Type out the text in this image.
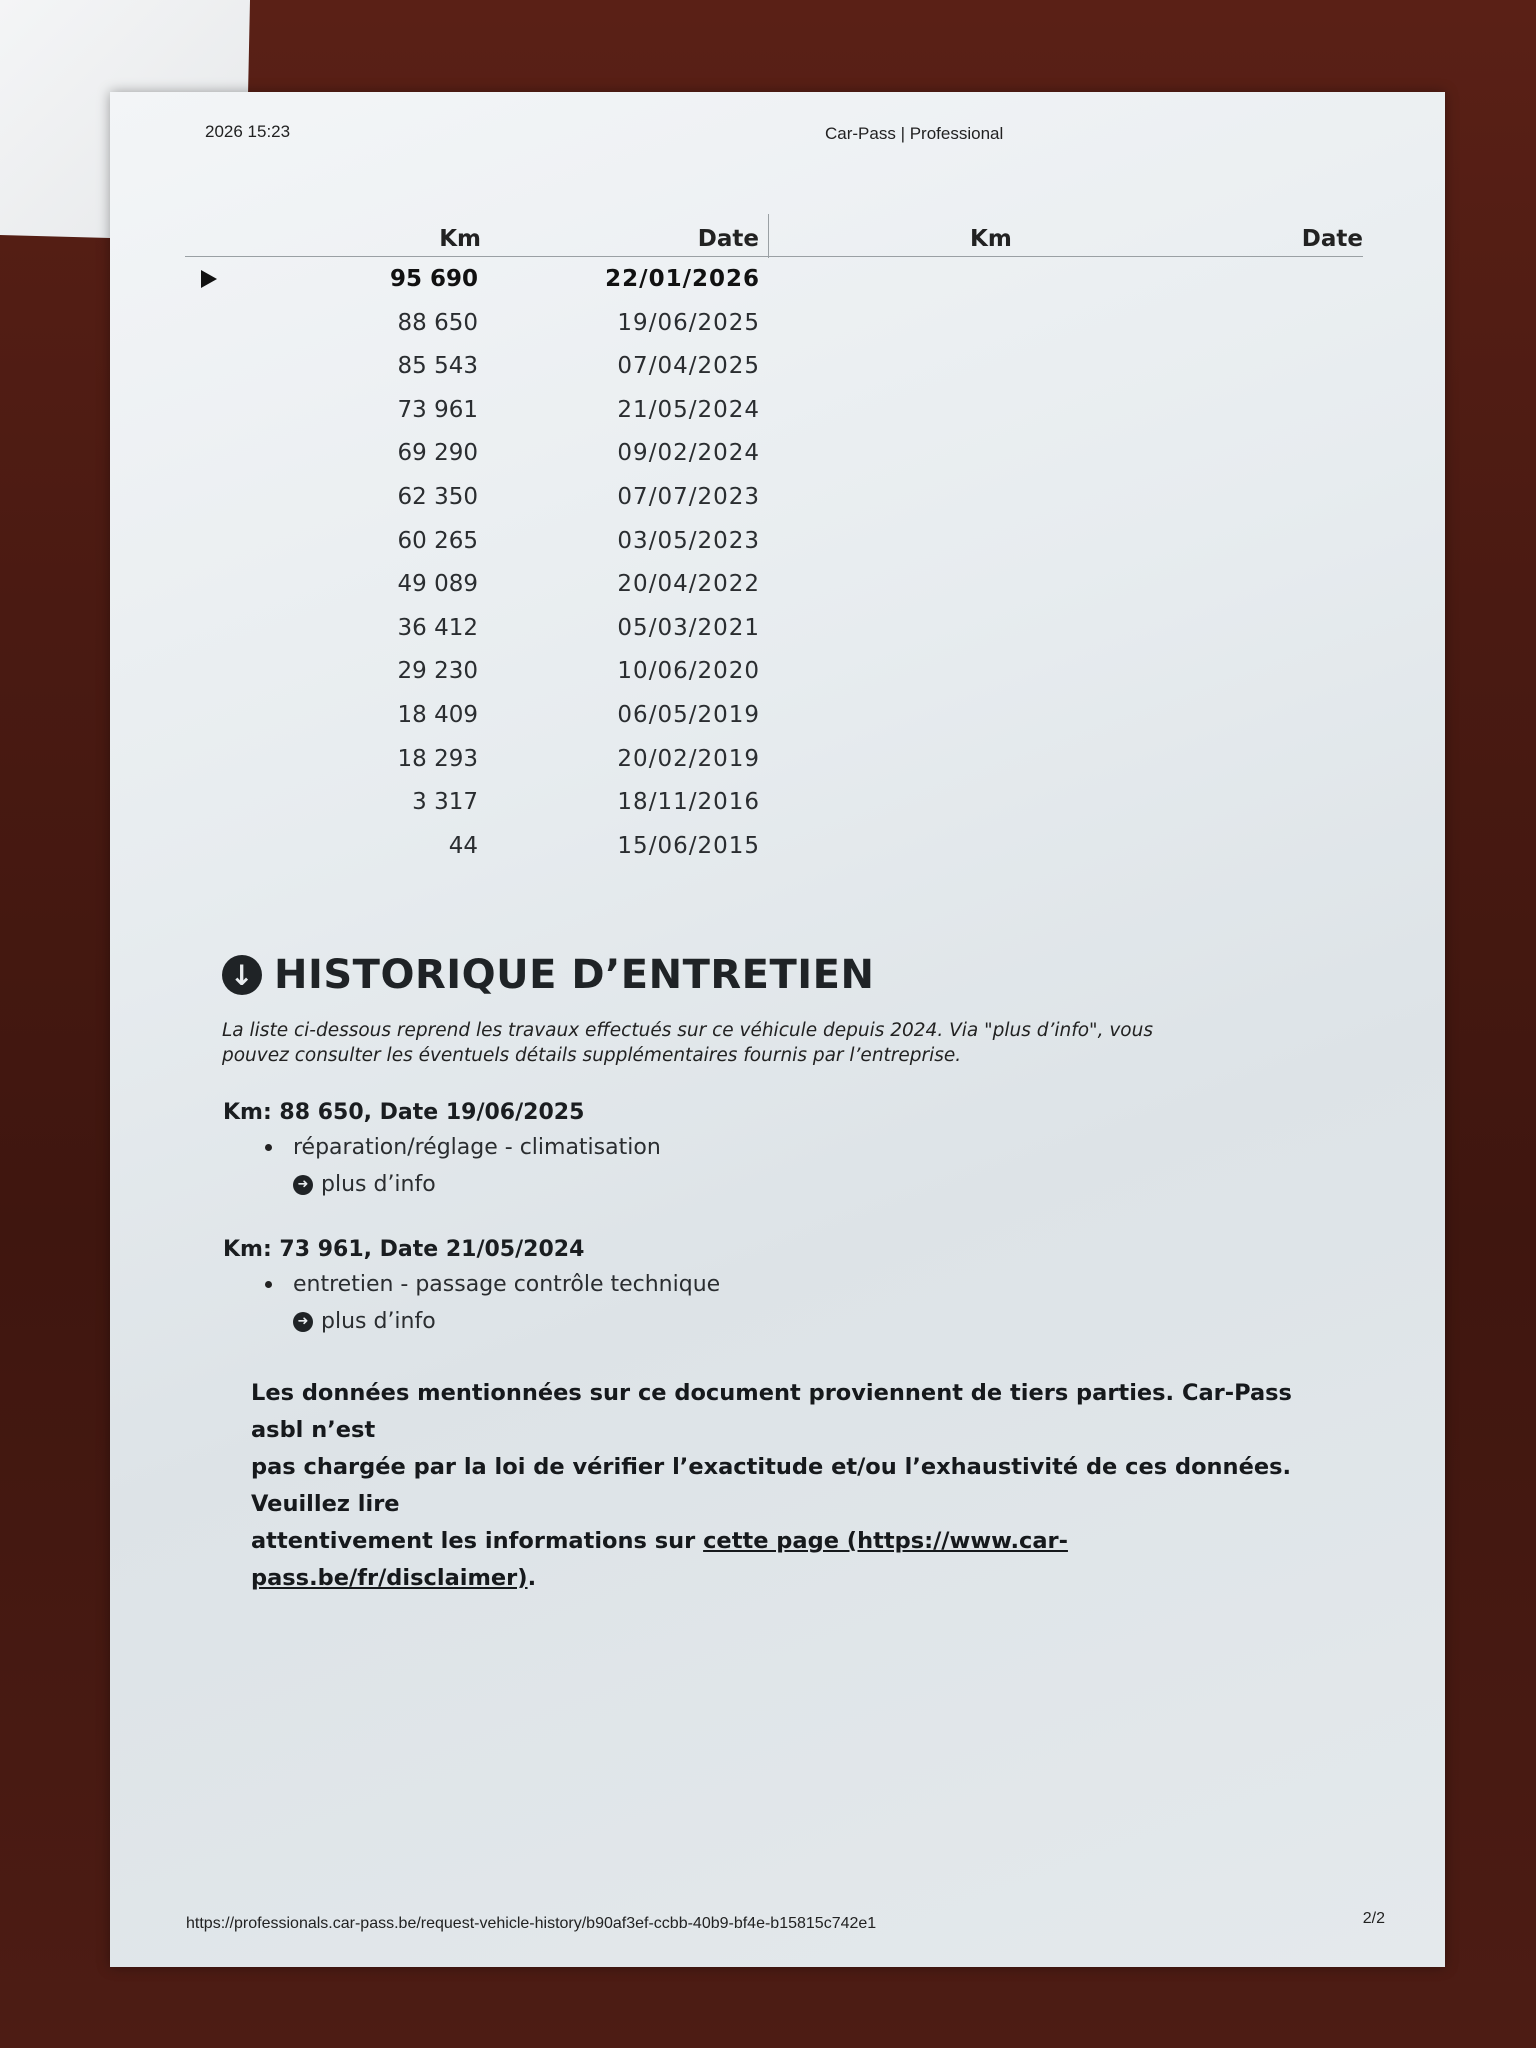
2026 15:23	Car-Pass | Professional
Km	Date	Km	Date
95 690	22/01/2026
88 650	19/06/2025
85 543	07/04/2025
73 961	21/05/2024
69 290	09/02/2024
62 350	07/07/2023
60 265	03/05/2023
49 089	20/04/2022
36 412	05/03/2021
29 230	10/06/2020
18 409	06/05/2019
18 293	20/02/2019
3 317	18/11/2016
44	15/06/2015
↓ HISTORIQUE D’ENTRETIEN
La liste ci-dessous reprend les travaux effectués sur ce véhicule depuis 2024. Via "plus d’info", vous
pouvez consulter les éventuels détails supplémentaires fournis par l’entreprise.
Km: 88 650, Date 19/06/2025
réparation/réglage - climatisation
➜ plus d’info
Km: 73 961, Date 21/05/2024
entretien - passage contrôle technique
➜ plus d’info
Les données mentionnées sur ce document proviennent de tiers parties. Car-Pass asbl n’est
pas chargée par la loi de vérifier l’exactitude et/ou l’exhaustivité de ces données. Veuillez lire
attentivement les informations sur cette page (https://www.car-pass.be/fr/disclaimer).
https://professionals.car-pass.be/request-vehicle-history/b90af3ef-ccbb-40b9-bf4e-b15815c742e1	2/2
